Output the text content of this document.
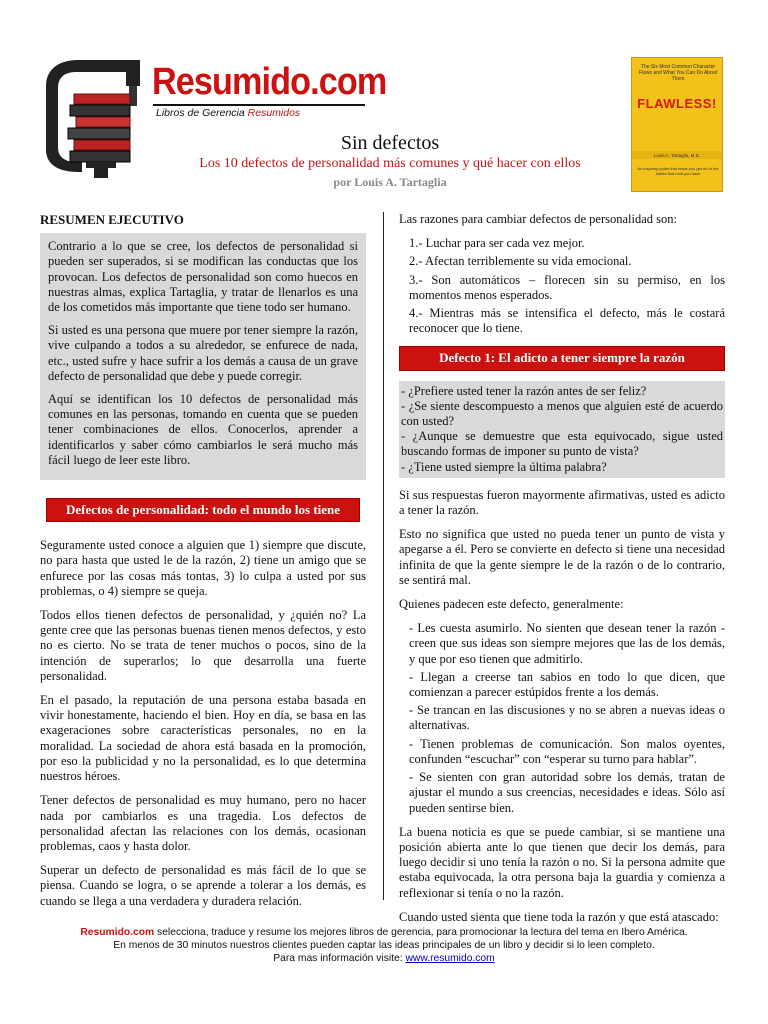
Resumido.com
Libros de Gerencia Resumidos
Sin defectos
Los 10 defectos de personalidad más comunes y qué hacer con ellos
por Louis A. Tartaglia
The Six Most Common Character Flaws and What You Can Do About Them
FLAWLESS!
Louis A. Tartaglia, M.D.
An inspiring guide that helps you get rid of the habits that hold you back
RESUMEN EJECUTIVO

Contrario a lo que se cree, los defectos de personalidad si pueden ser superados, si se modifican las conductas que los provocan. Los defectos de personalidad son como huecos en nuestras almas, explica Tartaglia, y tratar de llenarlos es una de los cometidos más importante que tiene todo ser humano.

Si usted es una persona que muere por tener siempre la razón, vive culpando a todos a su alrededor, se enfurece de nada, etc., usted sufre y hace sufrir a los demás a causa de un grave defecto de personalidad que debe y puede corregir.

Aquí se identifican los 10 defectos de personalidad más comunes en las personas, tomando en cuenta que se pueden tener combinaciones de ellos. Conocerlos, aprender a identificarlos y saber cómo cambiarlos le será mucho más fácil luego de leer este libro.

Defectos de personalidad: todo el mundo los tiene

Seguramente usted conoce a alguien que 1) siempre que discute, no para hasta que usted le de la razón, 2) tiene un amigo que se enfurece por las cosas más tontas, 3) lo culpa a usted por sus problemas, o 4) siempre se queja.

Todos ellos tienen defectos de personalidad, y ¿quién no? La gente cree que las personas buenas tienen menos defectos, y esto no es cierto. No se trata de tener muchos o pocos, sino de la intención de superarlos; lo que desarrolla una fuerte personalidad.

En el pasado, la reputación de una persona estaba basada en vivir honestamente, haciendo el bien. Hoy en día, se basa en las exageraciones sobre características personales, no en la moralidad. La sociedad de ahora está basada en la promoción, por eso la publicidad y no la personalidad, es lo que determina nuestros héroes.

Tener defectos de personalidad es muy humano, pero no hacer nada por cambiarlos es una tragedia. Los defectos de personalidad afectan las relaciones con los demás, ocasionan problemas, caos y hasta dolor.

Superar un defecto de personalidad es más fácil de lo que se piensa. Cuando se logra, o se aprende a tolerar a los demás, es cuando se llega a una verdadera y duradera relación.

Las razones para cambiar defectos de personalidad son:

1.- Luchar para ser cada vez mejor.
2.- Afectan terriblemente su vida emocional.
3.- Son automáticos – florecen sin su permiso, en los momentos menos esperados.
4.- Mientras más se intensifica el defecto, más le costará reconocer que lo tiene.
Defecto 1: El adicto a tener siempre la razón
- ¿Prefiere usted tener la razón antes de ser feliz?
- ¿Se siente descompuesto a menos que alguien esté de acuerdo con usted?
- ¿Aunque se demuestre que esta equivocado, sigue usted buscando formas de imponer su punto de vista?
- ¿Tiene usted siempre la última palabra?

Si sus respuestas fueron mayormente afirmativas, usted es adicto a tener la razón.

Esto no significa que usted no pueda tener un punto de vista y apegarse a él. Pero se convierte en defecto si tiene una necesidad infinita de que la gente siempre le de la razón o de lo contrario, se sentirá mal.

Quienes padecen este defecto, generalmente:

- Les cuesta asumirlo. No sienten que desean tener la razón - creen que sus ideas son siempre mejores que las de los demás, y que por eso tienen que admitirlo.
- Llegan a creerse tan sabios en todo lo que dicen, que comienzan a parecer estúpidos frente a los demás.
- Se trancan en las discusiones y no se abren a nuevas ideas o alternativas.
- Tienen problemas de comunicación. Son malos oyentes, confunden “escuchar” con “esperar su turno para hablar”.
- Se sienten con gran autoridad sobre los demás, tratan de ajustar el mundo a sus creencias, necesidades e ideas. Sólo así pueden sentirse bien.

La buena noticia es que se puede cambiar, si se mantiene una posición abierta ante lo que tienen que decir los demás, para luego decidir si uno tenía la razón o no. Si la persona admite que estaba equivocada, la otra persona baja la guardia y comienza a reflexionar si tenía o no la razón.

Cuando usted sienta que tiene toda la razón y que está atascado:

Resumido.com selecciona, traduce y resume los mejores libros de gerencia, para promocionar la lectura del tema en Ibero América.
En menos de 30 minutos nuestros clientes pueden captar las ideas principales de un libro y decidir si lo leen completo.
Para mas información visite: www.resumido.com
